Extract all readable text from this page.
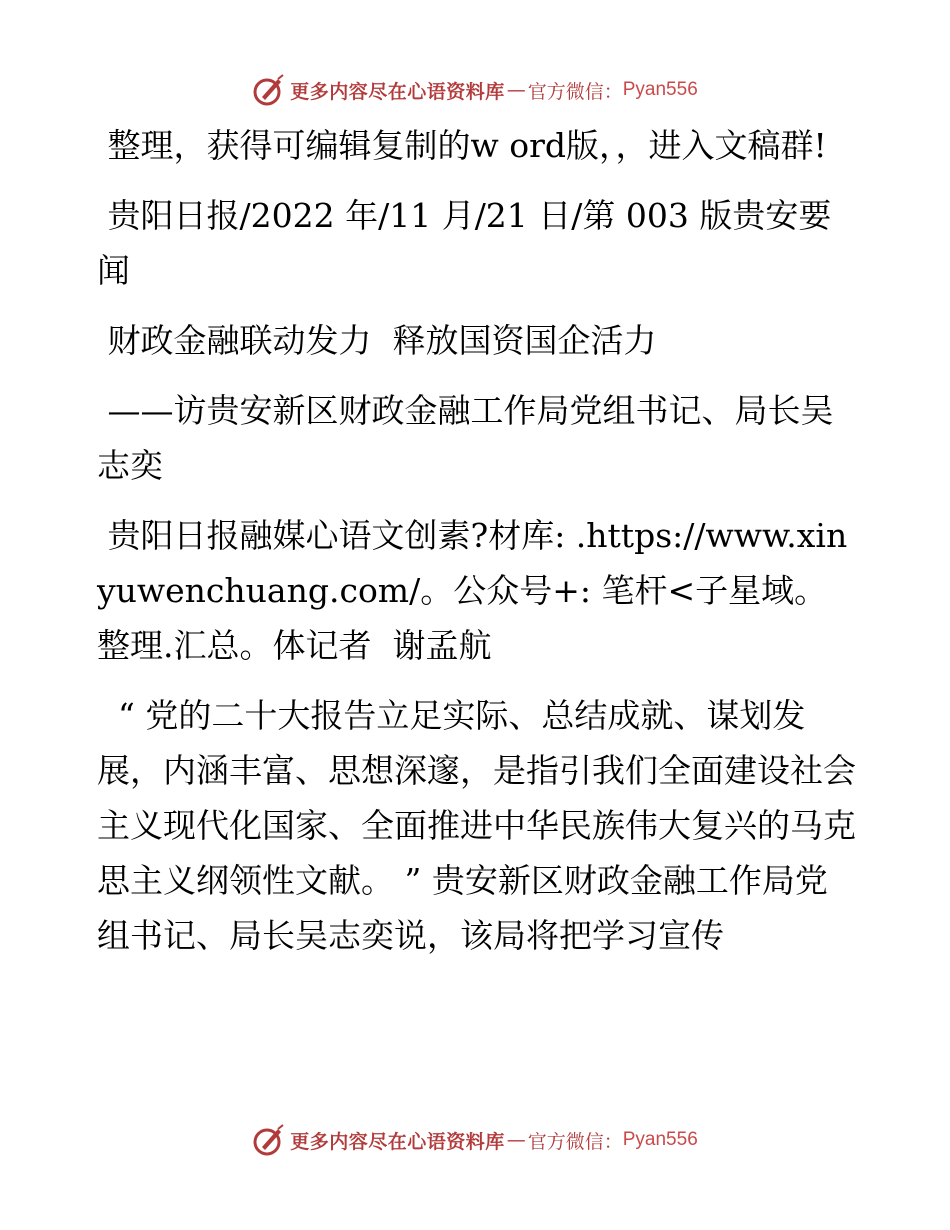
更多内容尽在心语资料库 — 官方微信： Pyan556

整理，获得可编辑复制的w ord版，，进入文稿群!

贵阳日报/2022 年/11 月/21 日/第 003 版贵安要闻

财政金融联动发力  释放国资国企活力

——访贵安新区财政金融工作局党组书记、局长吴志奕

贵阳日报融媒心语文创素?材库: .https://www.xinyuwenchuang.com/。公众号+: 笔杆<子星域。整理.汇总。体记者  谢孟航

“ 党的二十大报告立足实际、总结成就、谋划发展，内涵丰富、思想深邃，是指引我们全面建设社会主义现代化国家、全面推进中华民族伟大复兴的马克思主义纲领性文献。 ” 贵安新区财政金融工作局党组书记、局长吴志奕说，该局将把学习宣传

更多内容尽在心语资料库 — 官方微信： Pyan556
